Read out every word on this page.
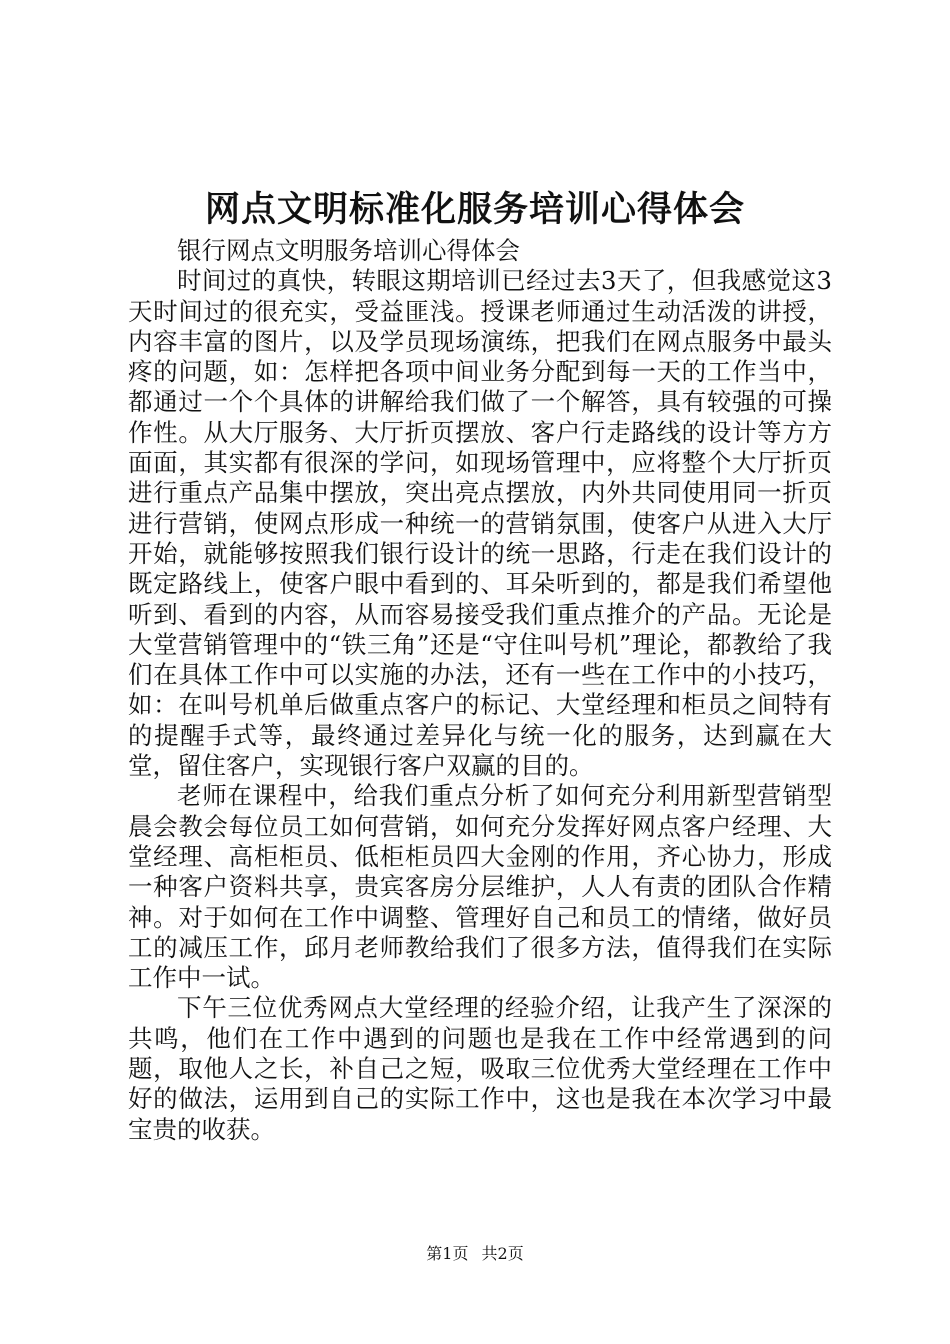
网点文明标准化服务培训心得体会

银行网点文明服务培训心得体会

时间过的真快，转眼这期培训已经过去3天了，但我感觉这3天时间过的很充实，受益匪浅。授课老师通过生动活泼的讲授，内容丰富的图片，以及学员现场演练，把我们在网点服务中最头疼的问题，如：怎样把各项中间业务分配到每一天的工作当中，都通过一个个具体的讲解给我们做了一个解答，具有较强的可操作性。从大厅服务、大厅折页摆放、客户行走路线的设计等方方面面，其实都有很深的学问，如现场管理中，应将整个大厅折页进行重点产品集中摆放，突出亮点摆放，内外共同使用同一折页进行营销，使网点形成一种统一的营销氛围，使客户从进入大厅开始，就能够按照我们银行设计的统一思路，行走在我们设计的既定路线上，使客户眼中看到的、耳朵听到的，都是我们希望他听到、看到的内容，从而容易接受我们重点推介的产品。无论是大堂营销管理中的“铁三角”还是“守住叫号机”理论，都教给了我们在具体工作中可以实施的办法，还有一些在工作中的小技巧，如：在叫号机单后做重点客户的标记、大堂经理和柜员之间特有的提醒手式等，最终通过差异化与统一化的服务，达到赢在大堂，留住客户，实现银行客户双赢的目的。

老师在课程中，给我们重点分析了如何充分利用新型营销型晨会教会每位员工如何营销，如何充分发挥好网点客户经理、大堂经理、高柜柜员、低柜柜员四大金刚的作用，齐心协力，形成一种客户资料共享，贵宾客房分层维护，人人有责的团队合作精神。对于如何在工作中调整、管理好自己和员工的情绪，做好员工的减压工作，邱月老师教给我们了很多方法，值得我们在实际工作中一试。

下午三位优秀网点大堂经理的经验介绍，让我产生了深深的共鸣，他们在工作中遇到的问题也是我在工作中经常遇到的问题，取他人之长，补自己之短，吸取三位优秀大堂经理在工作中好的做法，运用到自己的实际工作中，这也是我在本次学习中最宝贵的收获。

第1页 共2页
